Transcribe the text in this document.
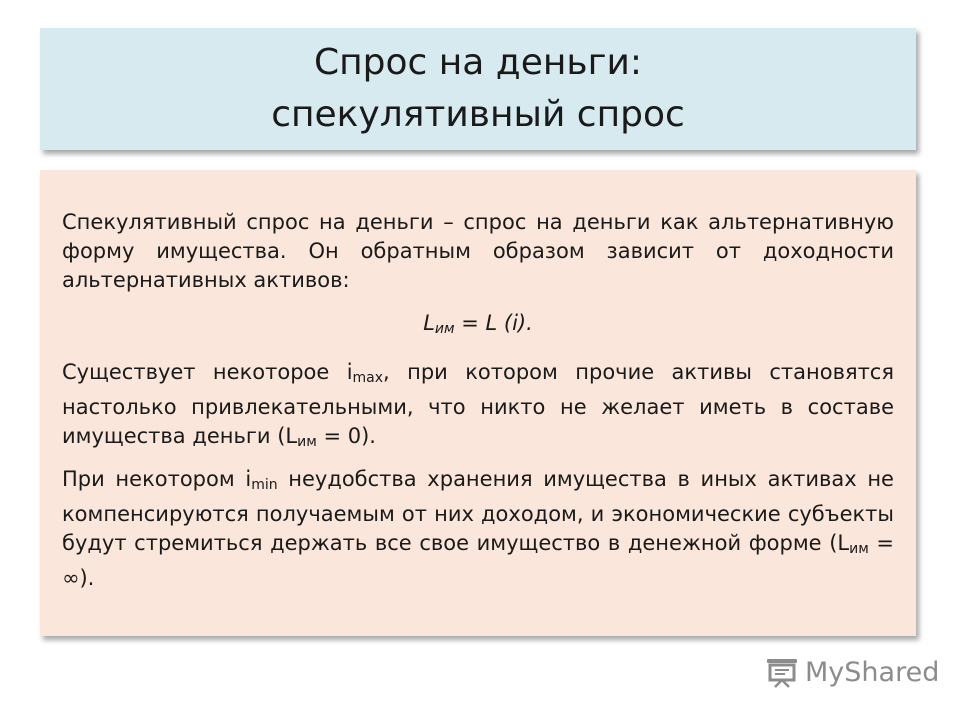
Спрос на деньги:
спекулятивный спрос

Спекулятивный спрос на деньги – спрос на деньги как альтернативную форму имущества. Он обратным образом зависит от доходности альтернативных активов:

$L_{им} = L$ (i).

Существует некоторое $i_{max}$, при котором прочие активы становятся настолько привлекательными, что никто не желает иметь в составе имущества деньги $(L_{им} = 0)$.

При некотором $i_{min}$ неудобства хранения имущества в иных активах не компенсируются получаемым от них доходом, и экономические субъекты будут стремиться держать все свое имущество в денежной форме ($L_{им}$ = ∞).

MyShared
